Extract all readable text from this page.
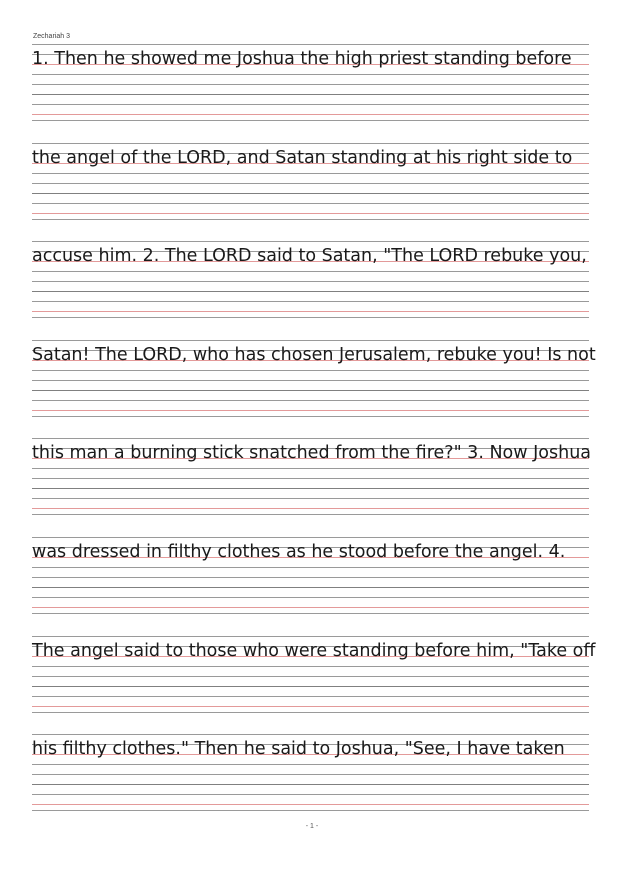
Zechariah 3
1. Then he showed me Joshua the high priest standing before
the angel of the LORD, and Satan standing at his right side to
accuse him. 2. The LORD said to Satan, "The LORD rebuke you,
Satan! The LORD, who has chosen Jerusalem, rebuke you! Is not
this man a burning stick snatched from the fire?" 3. Now Joshua
was dressed in filthy clothes as he stood before the angel. 4.
The angel said to those who were standing before him, "Take off
his filthy clothes." Then he said to Joshua, "See, I have taken
- 1 -
